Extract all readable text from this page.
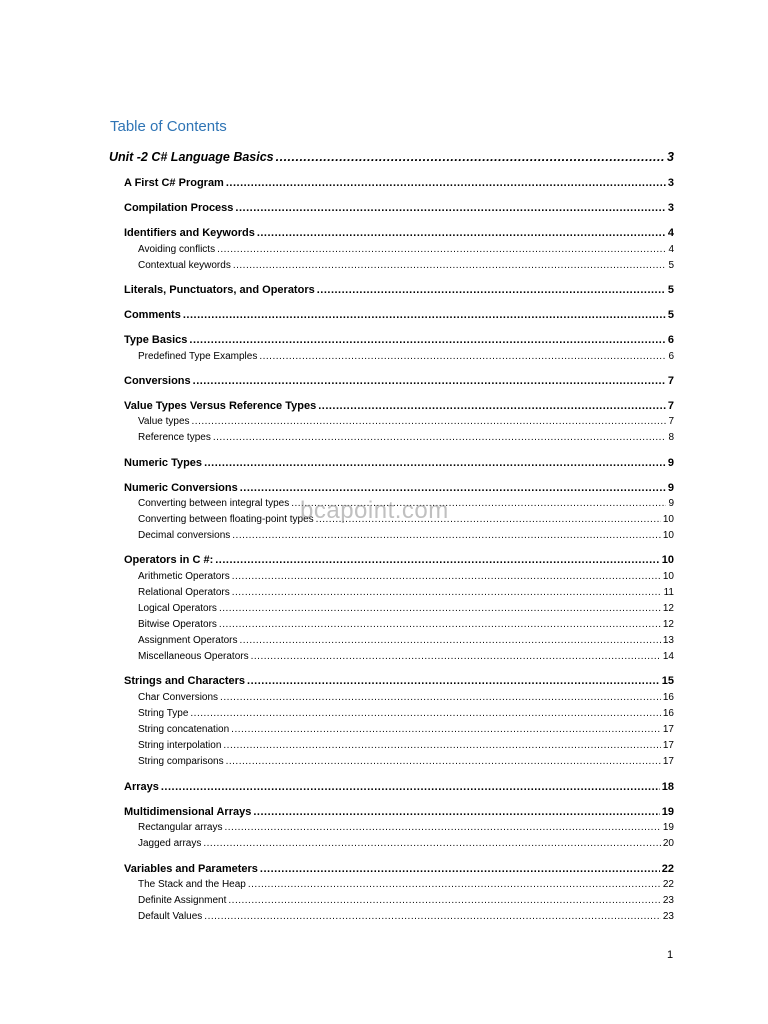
Table of Contents
Unit -2 C# Language Basics .....	3
A First C# Program .....	3
Compilation Process .....	3
Identifiers and Keywords .....	4
Avoiding conflicts .....	4
Contextual keywords .....	5
Literals, Punctuators, and Operators .....	5
Comments .....	5
Type Basics .....	6
Predefined Type Examples .....	6
Conversions .....	7
Value Types Versus Reference Types .....	7
Value types .....	7
Reference types .....	8
Numeric Types .....	9
Numeric Conversions .....	9
Converting between integral types .....	9
Converting between floating-point types .....	10
Decimal conversions .....	10
Operators in C #: .....	10
Arithmetic Operators .....	10
Relational Operators .....	11
Logical Operators .....	12
Bitwise Operators .....	12
Assignment Operators .....	13
Miscellaneous Operators .....	14
Strings and Characters .....	15
Char Conversions .....	16
String Type .....	16
String concatenation .....	17
String interpolation .....	17
String comparisons .....	17
Arrays .....	18
Multidimensional Arrays .....	19
Rectangular arrays .....	19
Jagged arrays .....	20
Variables and Parameters .....	22
The Stack and the Heap .....	22
Definite Assignment .....	23
Default Values .....	23
bcapoint.com
1
